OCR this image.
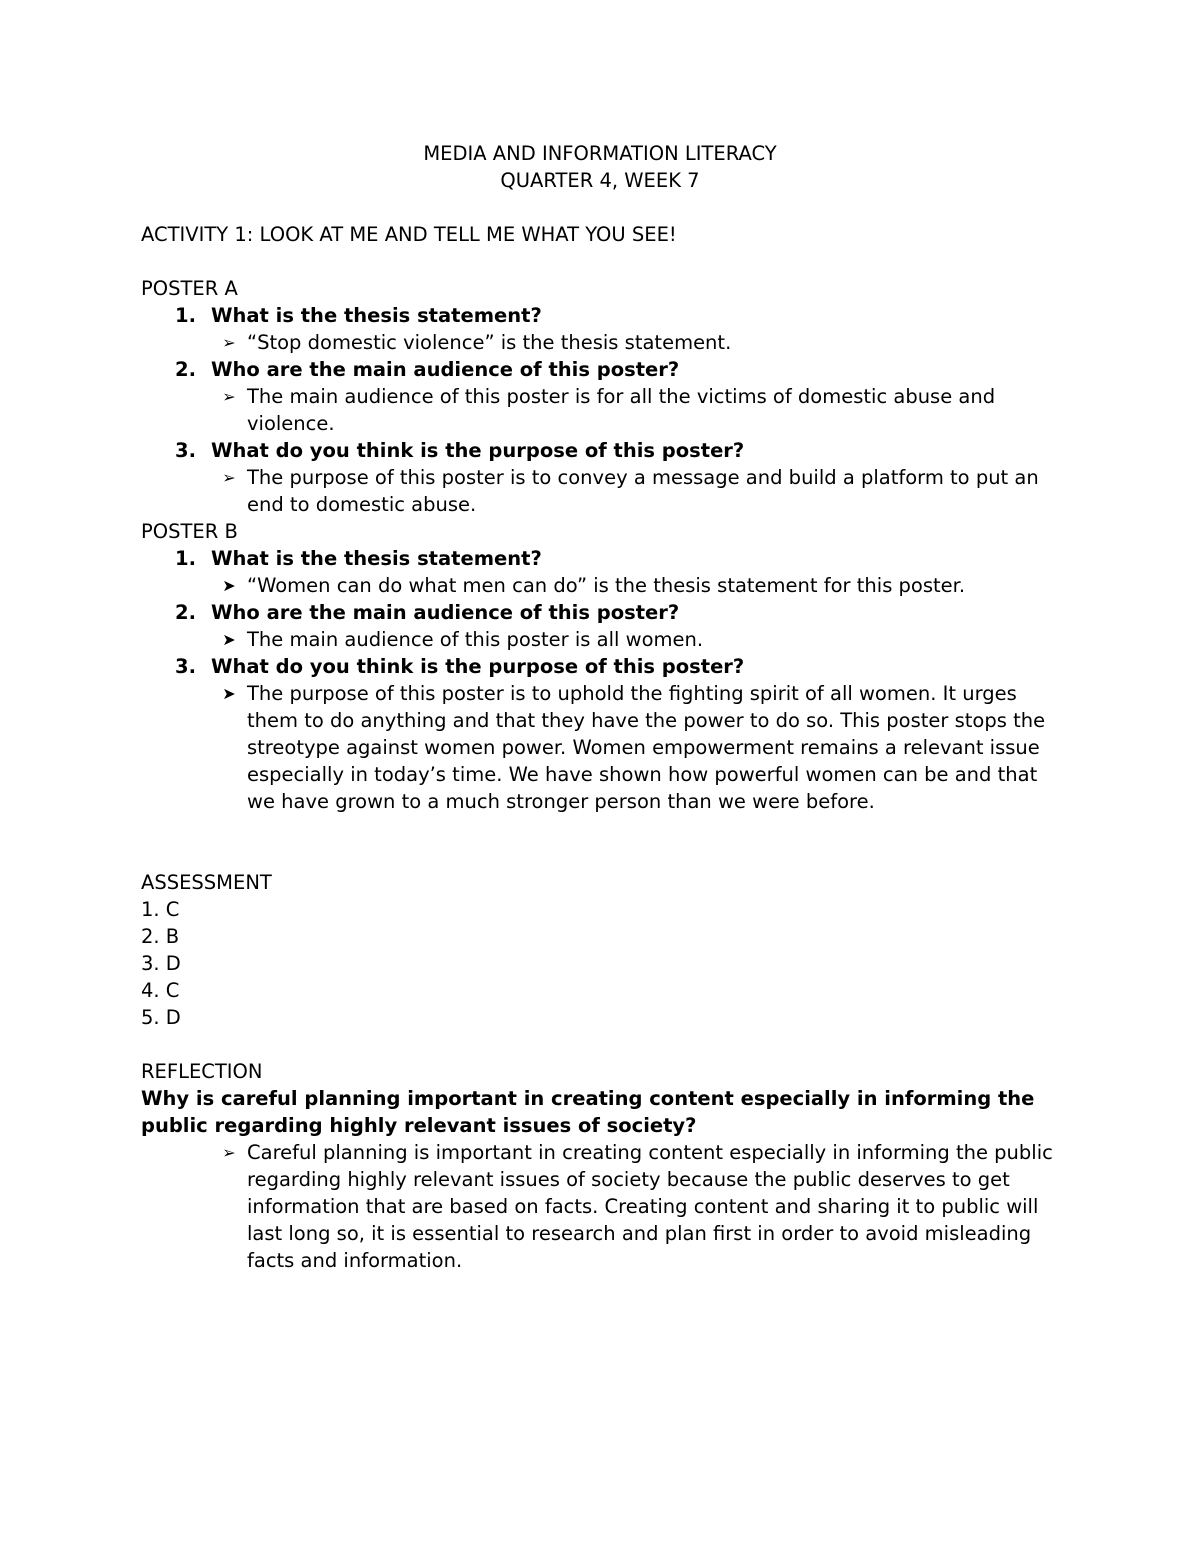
MEDIA AND INFORMATION LITERACY
QUARTER 4, WEEK 7
ACTIVITY 1: LOOK AT ME AND TELL ME WHAT YOU SEE!
POSTER A
1. What is the thesis statement?
➢ “Stop domestic violence” is the thesis statement.
2. Who are the main audience of this poster?
➢ The main audience of this poster is for all the victims of domestic abuse and violence.
3. What do you think is the purpose of this poster?
➢ The purpose of this poster is to convey a message and build a platform to put an end to domestic abuse.
POSTER B
1. What is the thesis statement?
➤ “Women can do what men can do” is the thesis statement for this poster.
2. Who are the main audience of this poster?
➤ The main audience of this poster is all women.
3. What do you think is the purpose of this poster?
➤ The purpose of this poster is to uphold the fighting spirit of all women. It urges them to do anything and that they have the power to do so. This poster stops the streotype against women power. Women empowerment remains a relevant issue especially in today’s time. We have shown how powerful women can be and that we have grown to a much stronger person than we were before.
ASSESSMENT
1. C
2. B
3. D
4. C
5. D
REFLECTION
Why is careful planning important in creating content especially in informing the public regarding highly relevant issues of society?
➢ Careful planning is important in creating content especially in informing the public regarding highly relevant issues of society because the public deserves to get information that are based on facts. Creating content and sharing it to public will last long so, it is essential to research and plan first in order to avoid misleading facts and information.
